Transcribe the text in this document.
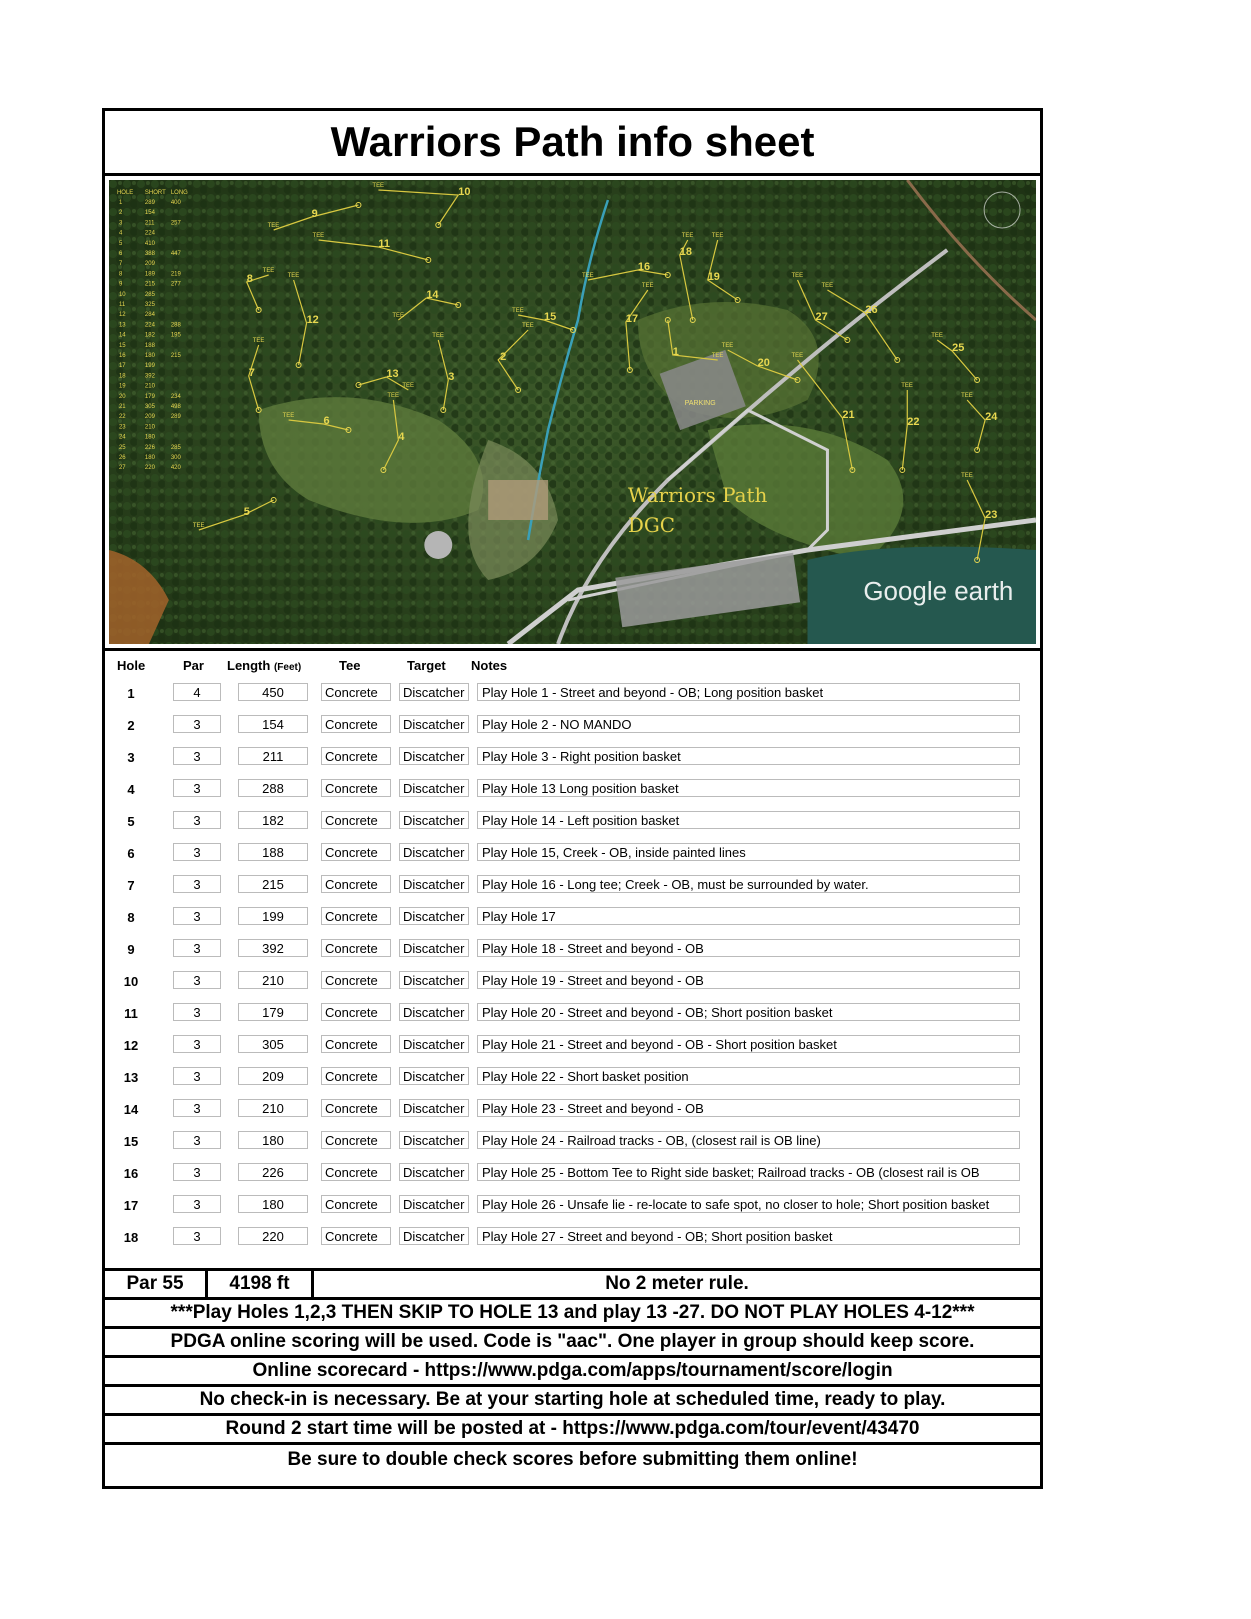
Warriors Path info sheet
TEE
TEE
TEE
TEE
TEE
TEE
TEE
TEE
TEE
TEE
TEE
TEE
TEE
TEE
TEE
TEE
TEE
TEE	TEE
TEE
TEE
TEE
TEE
TEE
TEE
TEE
TEE
1
2
3
4
5
6
7
8
9
10
11
12
13
14
15
16
17
18
19
20
21
22
23
24
25
26
27
HOLE SHORT LONG
1	289	400
2	154
3	211	257
4	224
5	410
6	388	447
7	209
8	189	219
9	215	277
10	285
11	325
12	284
13	224	288
14	182	195
15	188
16	180	215
17	199
18	392
19	210
20	179	234
21	305	498
22	209	289
23	210
24	180
25	226	285
26	180	300
27	220	420
Warriors Path
DGC
PARKING
Google earth
Hole	Par Length (Feet)	Tee	Target Notes
1	4	450	Concrete	Discatcher	Play Hole 1 - Street and beyond - OB; Long position basket
2	3	154	Concrete	Discatcher	Play Hole 2 - NO MANDO
3	3	211	Concrete	Discatcher	Play Hole 3 - Right position basket
4	3	288	Concrete	Discatcher	Play Hole 13 Long position basket
5	3	182	Concrete	Discatcher	Play Hole 14 - Left position basket
6	3	188	Concrete	Discatcher	Play Hole 15, Creek - OB, inside painted lines
7	3	215	Concrete	Discatcher	Play Hole 16 - Long tee; Creek - OB, must be surrounded by water.
8	3	199	Concrete	Discatcher	Play Hole 17
9	3	392	Concrete	Discatcher	Play Hole 18 - Street and beyond - OB
10	3	210	Concrete	Discatcher	Play Hole 19 - Street and beyond - OB
11	3	179	Concrete	Discatcher	Play Hole 20 - Street and beyond - OB; Short position basket
12	3	305	Concrete	Discatcher	Play Hole 21 - Street and beyond - OB - Short position basket
13	3	209	Concrete	Discatcher	Play Hole 22 - Short basket position
14	3	210	Concrete	Discatcher	Play Hole 23 - Street and beyond - OB
15	3	180	Concrete	Discatcher	Play Hole 24 - Railroad tracks - OB, (closest rail is OB line)
16	3	226	Concrete	Discatcher	Play Hole 25 - Bottom Tee to Right side basket; Railroad tracks - OB (closest rail is OB
17	3	180	Concrete	Discatcher	Play Hole 26 - Unsafe lie - re-locate to safe spot, no closer to hole; Short position basket
18	3	220	Concrete	Discatcher	Play Hole 27 - Street and beyond - OB; Short position basket
Par 55	4198 ft	No 2 meter rule.
***Play Holes 1,2,3 THEN SKIP TO HOLE 13 and play 13 -27. DO NOT PLAY HOLES 4-12***
PDGA online scoring will be used. Code is "aac". One player in group should keep score.
Online scorecard - https://www.pdga.com/apps/tournament/score/login
No check-in is necessary. Be at your starting hole at scheduled time, ready to play.
Round 2 start time will be posted at - https://www.pdga.com/tour/event/43470
Be sure to double check scores before submitting them online!
